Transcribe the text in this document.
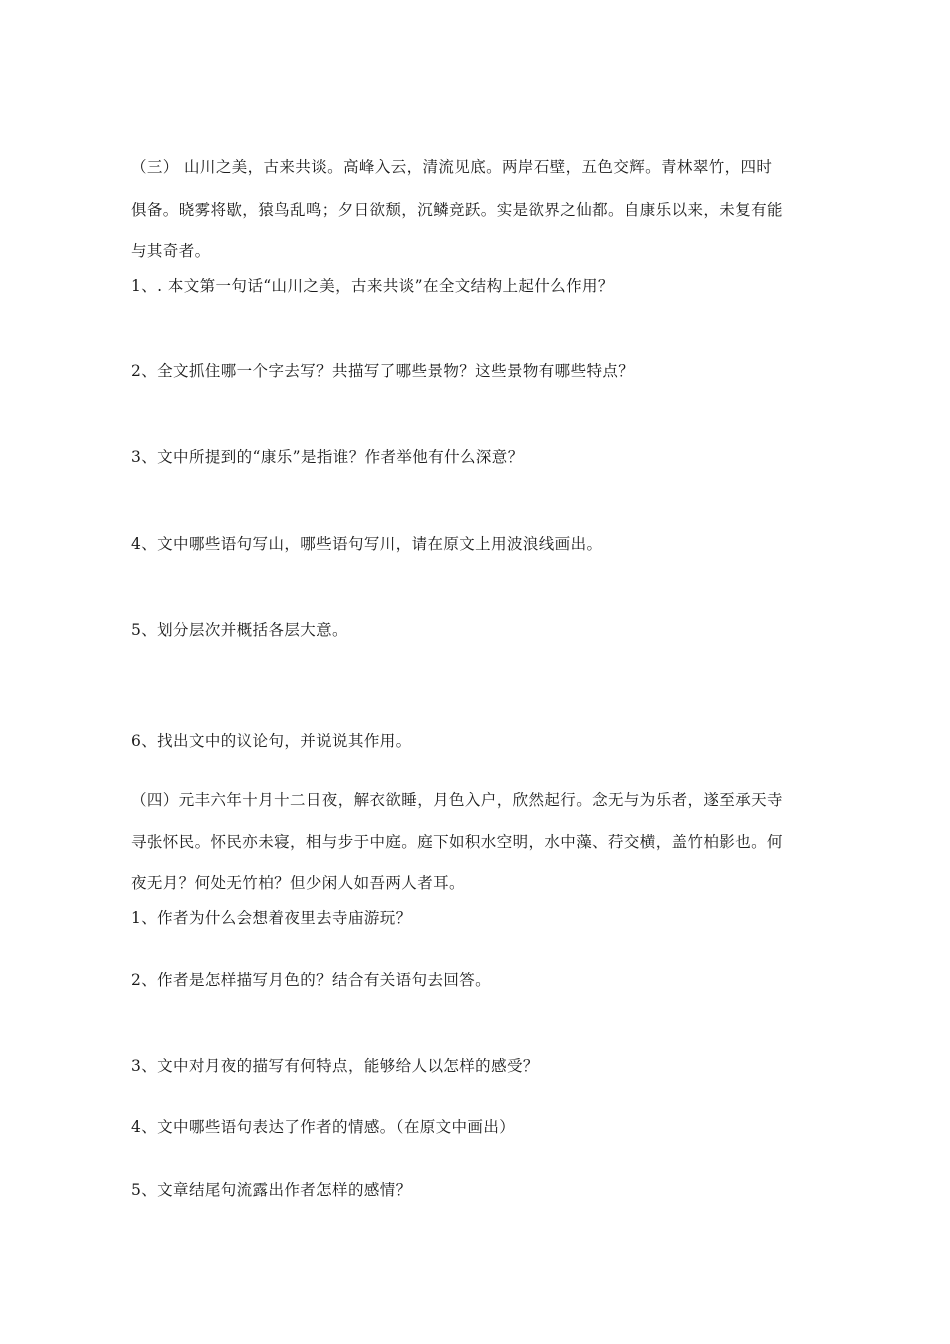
（三） 山川之美，古来共谈。高峰入云，清流见底。两岸石壁，五色交辉。青林翠竹，四时
俱备。晓雾将歇，猿鸟乱鸣；夕日欲颓，沉鳞竞跃。实是欲界之仙都。自康乐以来，未复有能
与其奇者。
1、. 本文第一句话“山川之美，古来共谈”在全文结构上起什么作用？
2、全文抓住哪一个字去写？共描写了哪些景物？这些景物有哪些特点？
3、文中所提到的“康乐”是指谁？作者举他有什么深意？
4、文中哪些语句写山，哪些语句写川，请在原文上用波浪线画出。
5、划分层次并概括各层大意。
6、找出文中的议论句，并说说其作用。
（四）元丰六年十月十二日夜，解衣欲睡，月色入户，欣然起行。念无与为乐者，遂至承天寺
寻张怀民。怀民亦未寝，相与步于中庭。庭下如积水空明，水中藻、荇交横，盖竹柏影也。何
夜无月？何处无竹柏？但少闲人如吾两人者耳。
1、作者为什么会想着夜里去寺庙游玩？
2、作者是怎样描写月色的？结合有关语句去回答。
3、文中对月夜的描写有何特点，能够给人以怎样的感受？
4、文中哪些语句表达了作者的情感。（在原文中画出）
5、文章结尾句流露出作者怎样的感情？
